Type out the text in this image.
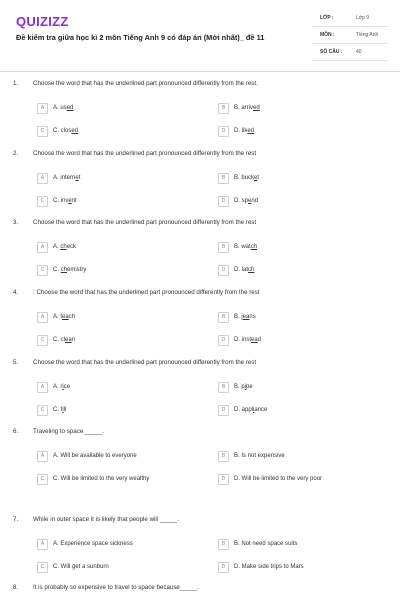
QUIZIZZ
Đề kiểm tra giữa học kì 2 môn Tiếng Anh 9 có đáp án (Mới nhất)_ đề 11
LỚP :	Lớp 9
MÔN :	Tiếng Anh
SỐ CÂU :	40
1. Choose the word that has the underlined part pronounced differently from the rest.
A	A. used	B	B. arrived
C	C. closed	D	D. liked
2. Choose the word that has the underlined part pronounced differently from the rest
A	A. internet	B	B. bucket
C	C. invent	D	D. spend
3. Choose the word that has the underlined part pronounced differently from the rest
A	A. check	B	B. watch
C	C. chemistry	D	D. latch
4. : Choose the word that has the underlined part pronounced differently from the rest
A	A. teach	B	B. jeans
C	C. clean	D	D. instead
5. Choose the word that has the underlined part pronounced differently from the rest
A	A. rice	B	B. pipe
C	C. fill	D	D. appliance
6. Traveling to space _____.
A	A. Will be available to everyone	B	B. Is not expensive
C	C. Will be limited to the very wealthy	D	D. Will be limited to the very poor
7. While in outer space it is likely that people will _____.
A	A. Experience space sickness	B	B. Not need space suits
C	C. Will get a sunburn	D	D. Make side trips to Mars
8. It is probably so expensive to travel to space because_____.
